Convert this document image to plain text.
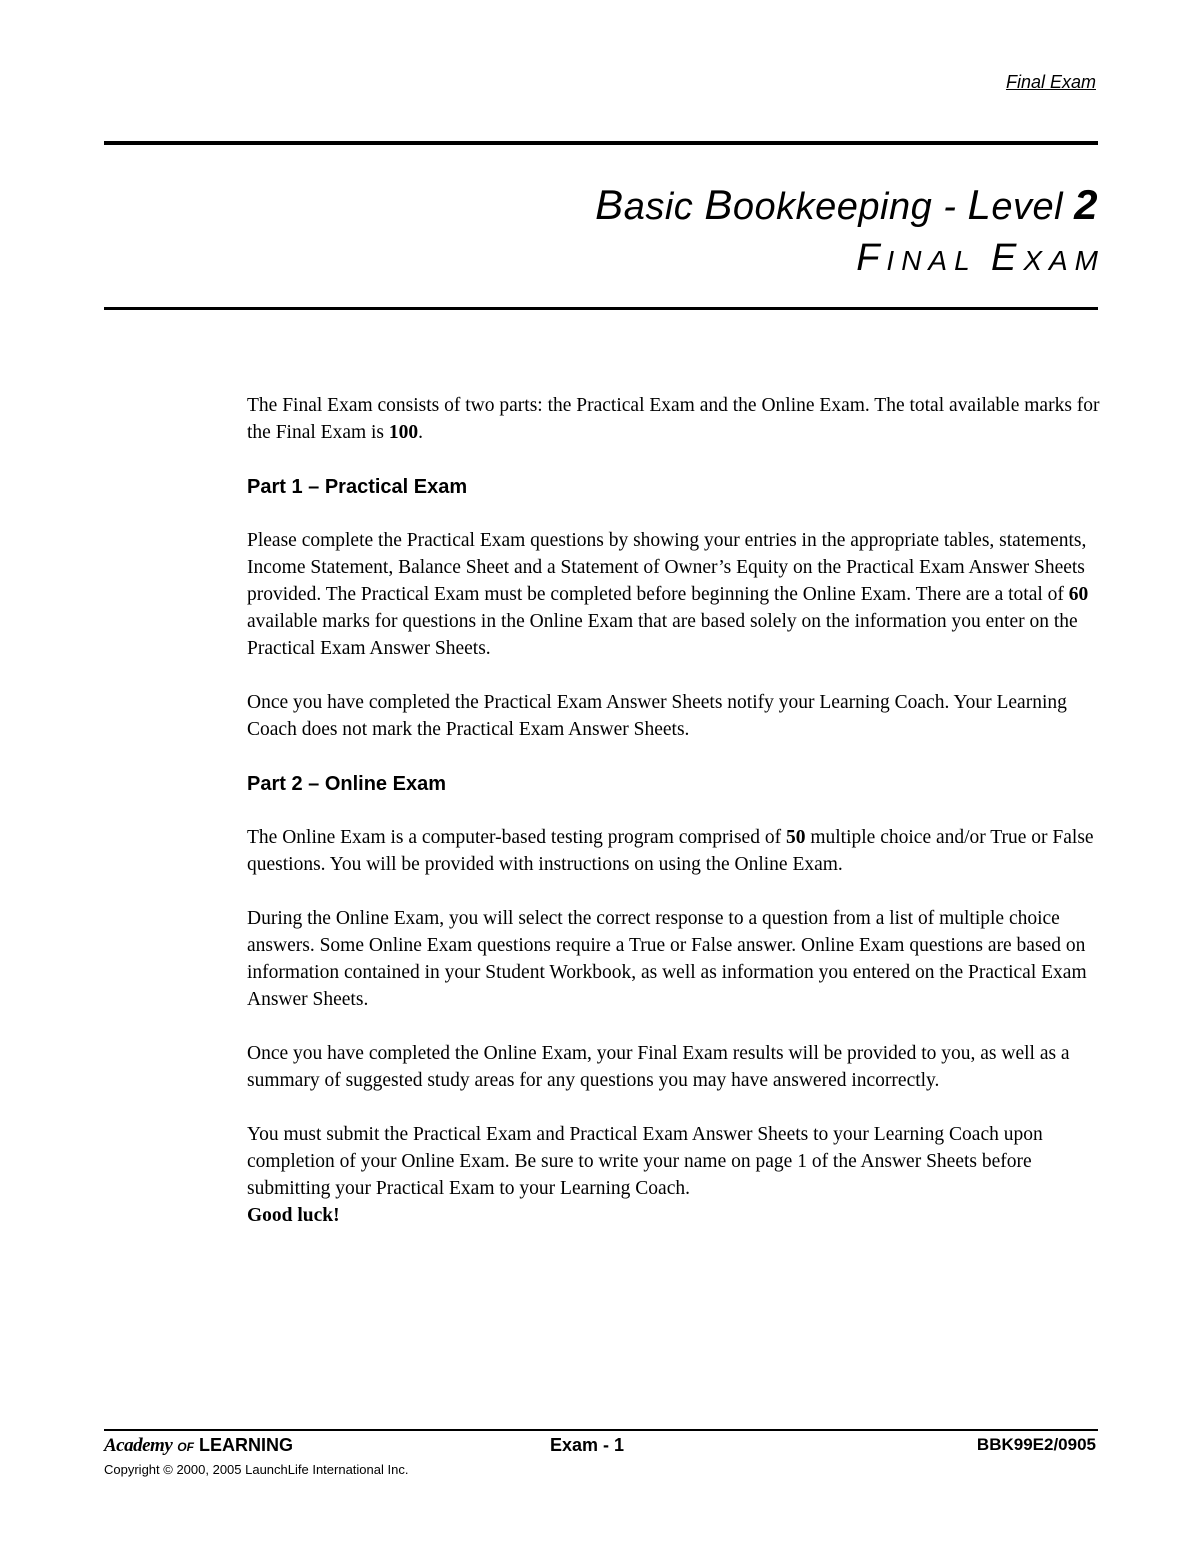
Final Exam
Basic Bookkeeping - Level 2
FINAL EXAM

The Final Exam consists of two parts: the Practical Exam and the Online Exam. The total available marks for the Final Exam is 100.

Part 1 – Practical Exam

Please complete the Practical Exam questions by showing your entries in the appropriate tables, statements, Income Statement, Balance Sheet and a Statement of Owner’s Equity on the Practical Exam Answer Sheets provided. The Practical Exam must be completed before beginning the Online Exam. There are a total of 60 available marks for questions in the Online Exam that are based solely on the information you enter on the Practical Exam Answer Sheets.

Once you have completed the Practical Exam Answer Sheets notify your Learning Coach. Your Learning Coach does not mark the Practical Exam Answer Sheets.

Part 2 – Online Exam

The Online Exam is a computer-based testing program comprised of 50 multiple choice and/or True or False questions. You will be provided with instructions on using the Online Exam.

During the Online Exam, you will select the correct response to a question from a list of multiple choice answers. Some Online Exam questions require a True or False answer. Online Exam questions are based on information contained in your Student Workbook, as well as information you entered on the Practical Exam Answer Sheets.

Once you have completed the Online Exam, your Final Exam results will be provided to you, as well as a summary of suggested study areas for any questions you may have answered incorrectly.

You must submit the Practical Exam and Practical Exam Answer Sheets to your Learning Coach upon completion of your Online Exam. Be sure to write your name on page 1 of the Answer Sheets before submitting your Practical Exam to your Learning Coach.
Good luck!

Academy OF LEARNING	Exam - 1	BBK99E2/0905
Copyright © 2000, 2005 LaunchLife International Inc.
